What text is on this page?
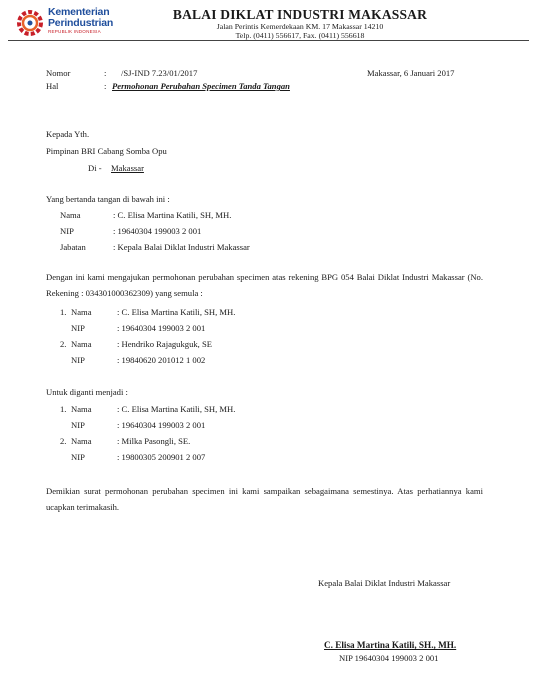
Kementerian
Perindustrian
REPUBLIK INDONESIA
BALAI DIKLAT INDUSTRI MAKASSAR
Jalan Perintis Kemerdekaan KM. 17 Makassar 14210
Telp. (0411) 556617, Fax. (0411) 556618
Nomor	: /SJ-IND 7.23/01/2017	Makassar, 6 Januari 2017
Hal	: Permohonan Perubahan Specimen Tanda Tangan
Kepada Yth.
Pimpinan BRI Cabang Somba Opu
Di - Makassar
Yang bertanda tangan di bawah ini :
Nama	: C. Elisa Martina Katili, SH, MH.
NIP	: 19640304 199003 2 001
Jabatan	: Kepala Balai Diklat Industri Makassar
Dengan ini kami mengajukan permohonan perubahan specimen atas rekening BPG 054 Balai Diklat Industri Makassar (No. Rekening : 034301000362309) yang semula :
1. Nama	: C. Elisa Martina Katili, SH, MH.
NIP	: 19640304 199003 2 001
2. Nama	: Hendriko Rajagukguk, SE
NIP	: 19840620 201012 1 002
Untuk diganti menjadi :
1. Nama	: C. Elisa Martina Katili, SH, MH.
NIP	: 19640304 199003 2 001
2. Nama	: Milka Pasongli, SE.
NIP	: 19800305 200901 2 007
Demikian surat permohonan perubahan specimen ini kami sampaikan sebagaimana semestinya. Atas perhatiannya kami ucapkan terimakasih.
Kepala Balai Diklat Industri Makassar
C. Elisa Martina Katili, SH., MH.
NIP 19640304 199003 2 001
